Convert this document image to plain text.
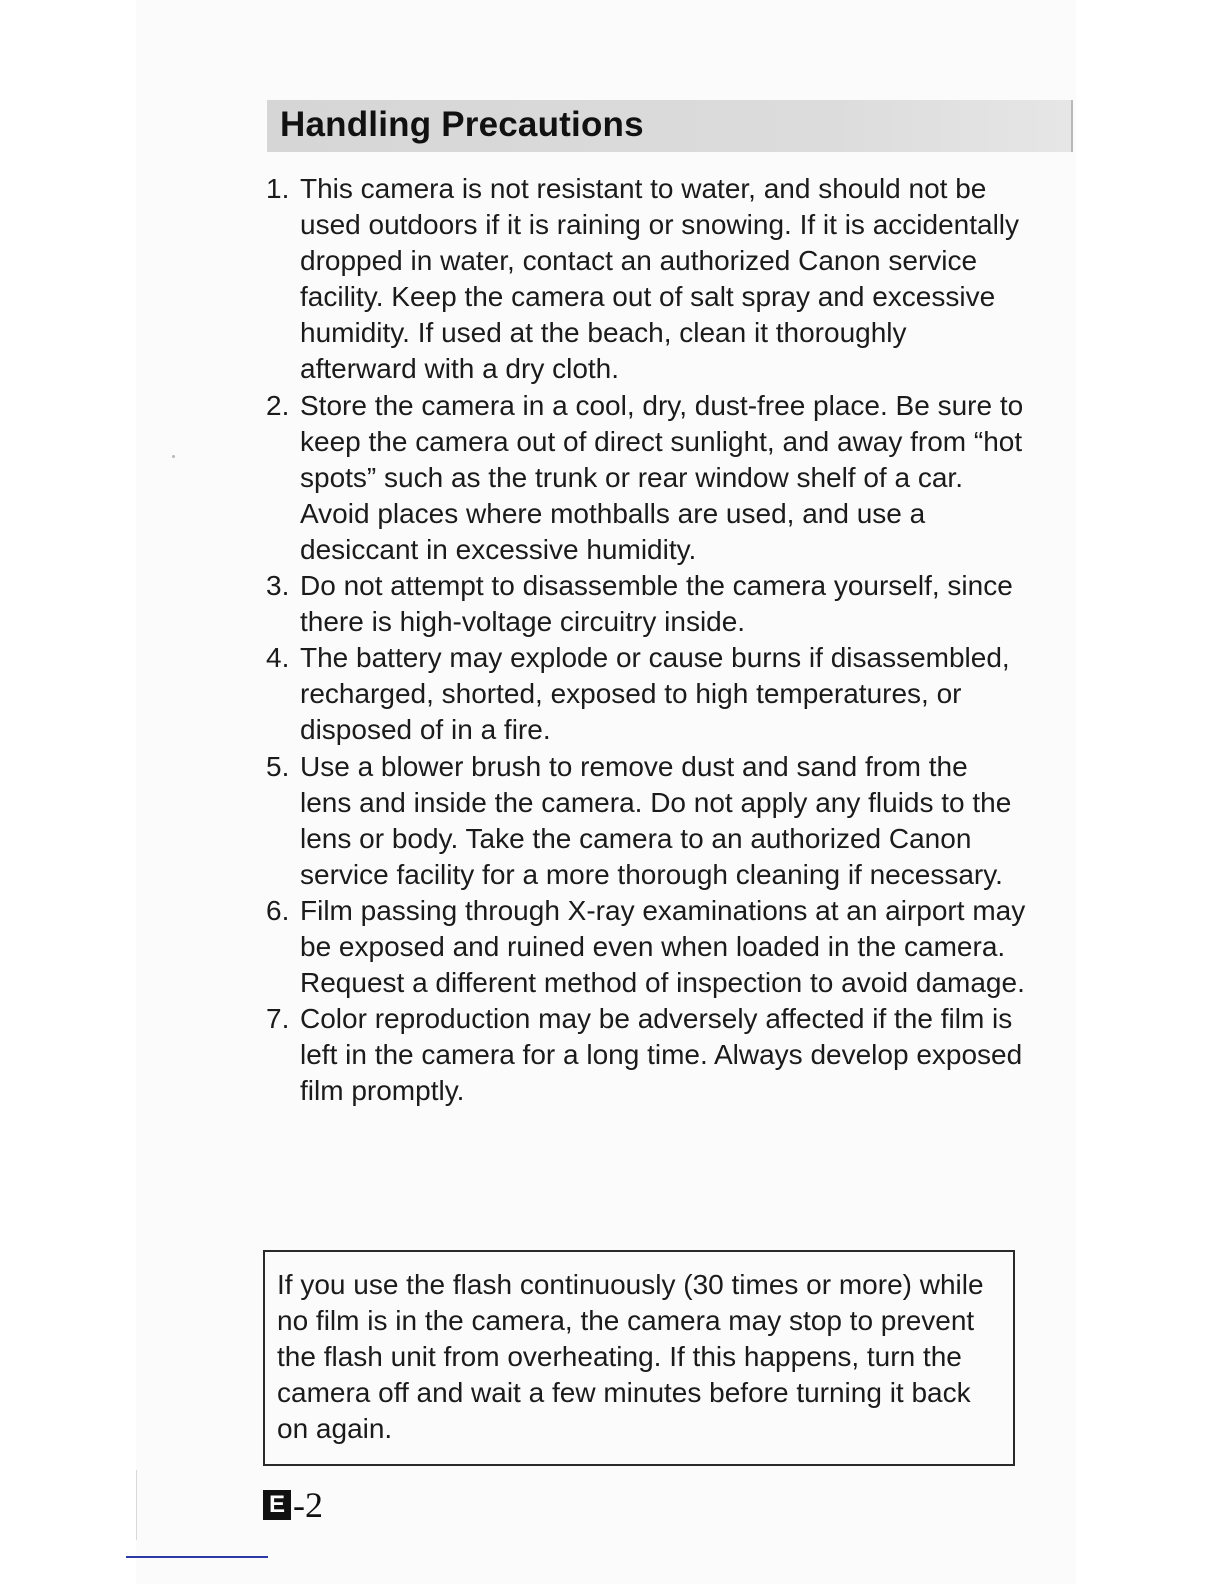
Handling Precautions
1. This camera is not resistant to water, and should not be used outdoors if it is raining or snowing. If it is accidentally dropped in water, contact an authorized Canon service facility. Keep the camera out of salt spray and excessive humidity. If used at the beach, clean it thoroughly afterward with a dry cloth.
2. Store the camera in a cool, dry, dust-free place. Be sure to keep the camera out of direct sunlight, and away from “hot spots” such as the trunk or rear window shelf of a car. Avoid places where mothballs are used, and use a desiccant in excessive humidity.
3. Do not attempt to disassemble the camera yourself, since there is high-voltage circuitry inside.
4. The battery may explode or cause burns if disassembled, recharged, shorted, exposed to high temperatures, or disposed of in a fire.
5. Use a blower brush to remove dust and sand from the lens and inside the camera. Do not apply any fluids to the lens or body. Take the camera to an authorized Canon service facility for a more thorough cleaning if necessary.
6. Film passing through X-ray examinations at an airport may be exposed and ruined even when loaded in the camera. Request a different method of inspection to avoid damage.
7. Color reproduction may be adversely affected if the film is left in the camera for a long time. Always develop exposed film promptly.
If you use the flash continuously (30 times or more) while no film is in the camera, the camera may stop to prevent the flash unit from overheating. If this happens, turn the camera off and wait a few minutes before turning it back on again.
E -2
